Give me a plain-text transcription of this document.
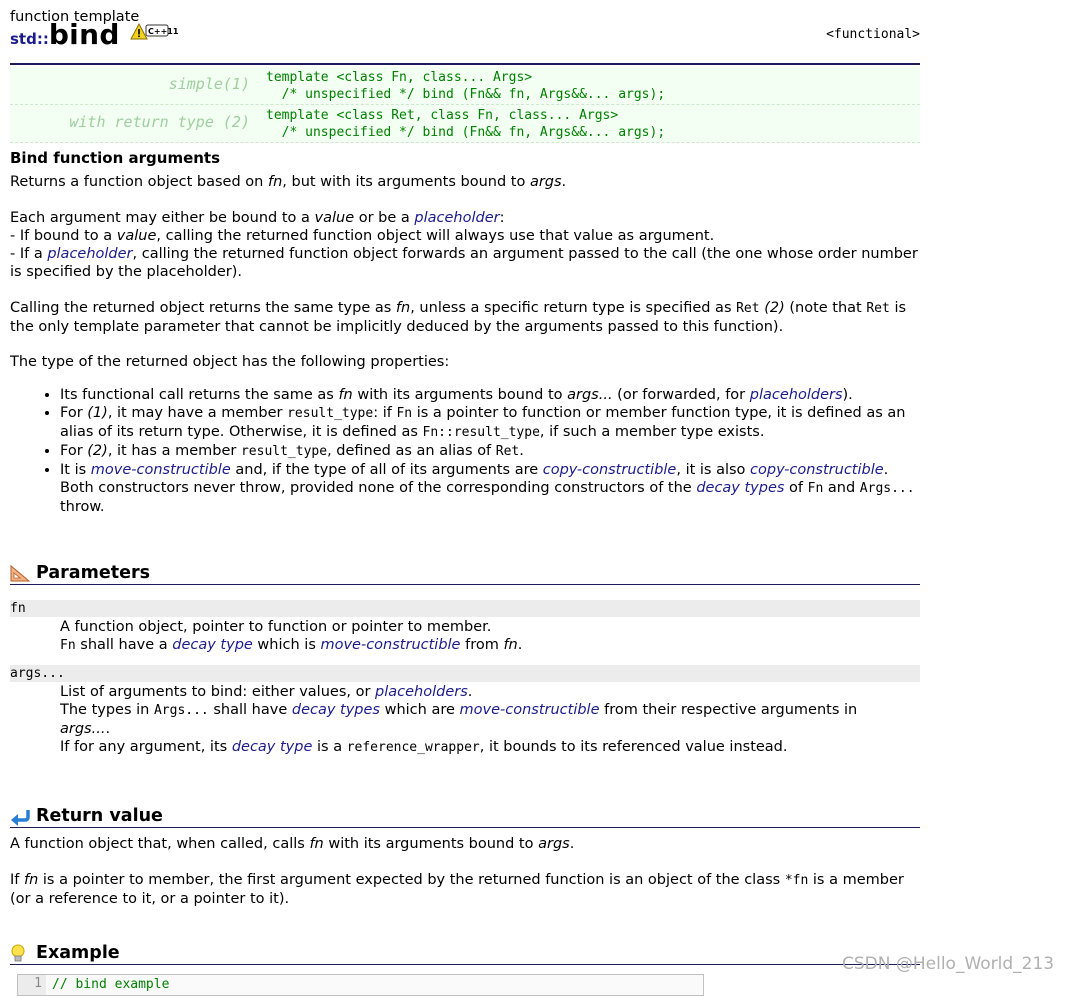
function template
std::bind	C++11	<functional>
simple(1) template <class Fn, class... Args>
/* unspecified */ bind (Fn&& fn, Args&&... args);
with return type (2) template <class Ret, class Fn, class... Args>
/* unspecified */ bind (Fn&& fn, Args&&... args);
Bind function arguments
Returns a function object based on fn, but with its arguments bound to args.
Each argument may either be bound to a value or be a placeholder:
- If bound to a value, calling the returned function object will always use that value as argument.
- If a placeholder, calling the returned function object forwards an argument passed to the call (the one whose order number is specified by the placeholder).
Calling the returned object returns the same type as fn, unless a specific return type is specified as Ret (2) (note that Ret is the only template parameter that cannot be implicitly deduced by the arguments passed to this function).
The type of the returned object has the following properties:
• Its functional call returns the same as fn with its arguments bound to args... (or forwarded, for placeholders).
• For (1), it may have a member result_type: if Fn is a pointer to function or member function type, it is defined as an alias of its return type. Otherwise, it is defined as Fn::result_type, if such a member type exists.
• For (2), it has a member result_type, defined as an alias of Ret.
• It is move-constructible and, if the type of all of its arguments are copy-constructible, it is also copy-constructible. Both constructors never throw, provided none of the corresponding constructors of the decay types of Fn and Args... throw.
Parameters
fn
A function object, pointer to function or pointer to member.
Fn shall have a decay type which is move-constructible from fn.
args...
List of arguments to bind: either values, or placeholders.
The types in Args... shall have decay types which are move-constructible from their respective arguments in args....
If for any argument, its decay type is a reference_wrapper, it bounds to its referenced value instead.
Return value
A function object that, when called, calls fn with its arguments bound to args.
If fn is a pointer to member, the first argument expected by the returned function is an object of the class *fn is a member (or a reference to it, or a pointer to it).
Example
1 // bind example
CSDN @Hello_World_213
